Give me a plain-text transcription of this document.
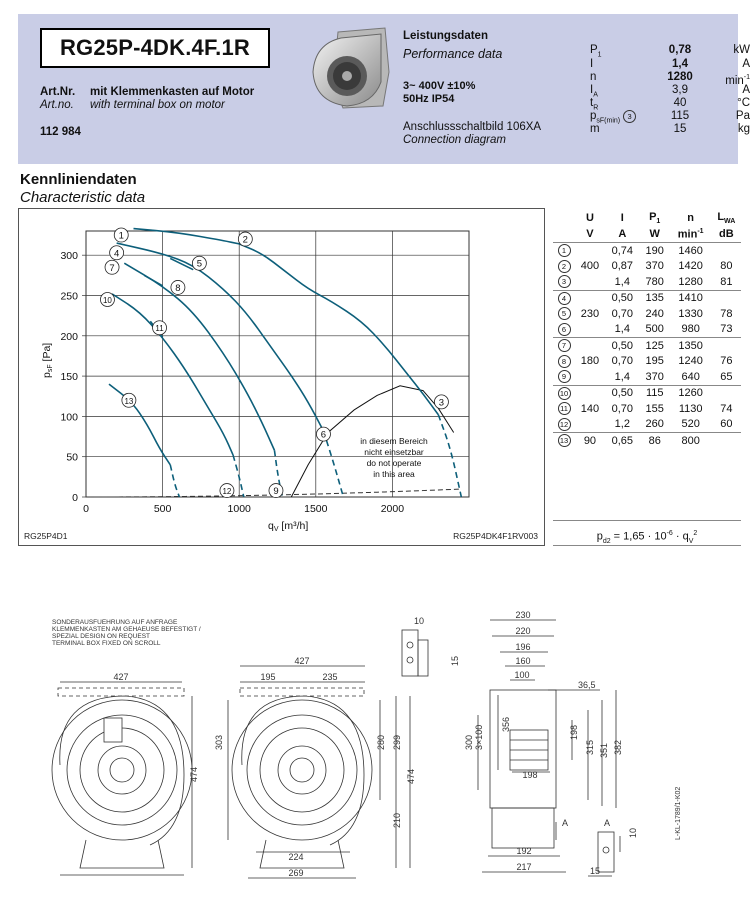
RG25P-4DK.4F.1R
Art.Nr. mit Klemmenkasten auf Motor
Art.no. with terminal box on motor
112 984
Leistungsdaten
Performance data
3~ 400V ±10%
50Hz IP54
Anschlussschaltbild 106XA
Connection diagram
$P_1$	0,78	kW
I	1,4	A
n	1280	$\min^{-1}$
$I_A$	3,9	A
$t_R$	40	°C
$p_{sF(min)}$ 3	115	Pa
m	15	kg
Kennliniendaten
Characteristic data
0	500	1000	1500	2000
0
50
100
150
200
250
300
qV [m³/h]
psF [Pa]
1	2
4
5
7
8
10
11
13	3
6
12	9
in diesem Bereich
nicht einsetzbar
do not operate
in this area
RG25P4D1	RG25P4DK4F1RV003
	U	I	$P_1$	n	$L_{WA}$
	V	A	W	$\min^{-1}$	dB
1		0,74	190	1460	
2	400	0,87	370	1420	80
3		1,4	780	1280	81
4		0,50	135	1410	
5	230	0,70	240	1330	78
6		1,4	500	980	73
7		0,50	125	1350	
8	180	0,70	195	1240	76
9		1,4	370	640	65
10		0,50	115	1260	
11	140	0,70	155	1130	74
12		1,2	260	520	60
13	90	0,65	86	800	
$p_{d2} = 1,65 \cdot 10^{-6} \cdot q_V^2$
SONDERAUSFUEHRUNG AUF ANFRAGE
KLEMMENKASTEN AM GEHAEUSE BEFESTIGT /
SPEZIAL DESIGN ON REQUEST
TERMINAL BOX FIXED ON SCROLL
427
474
303
427
195	235
224
269
280 299
474
210
10
15
230
220
196
160
100
36,5
198
192
217
300 3×100
356
198
315 351 382
A	A
10
15
L-KL-1789/1-K02
